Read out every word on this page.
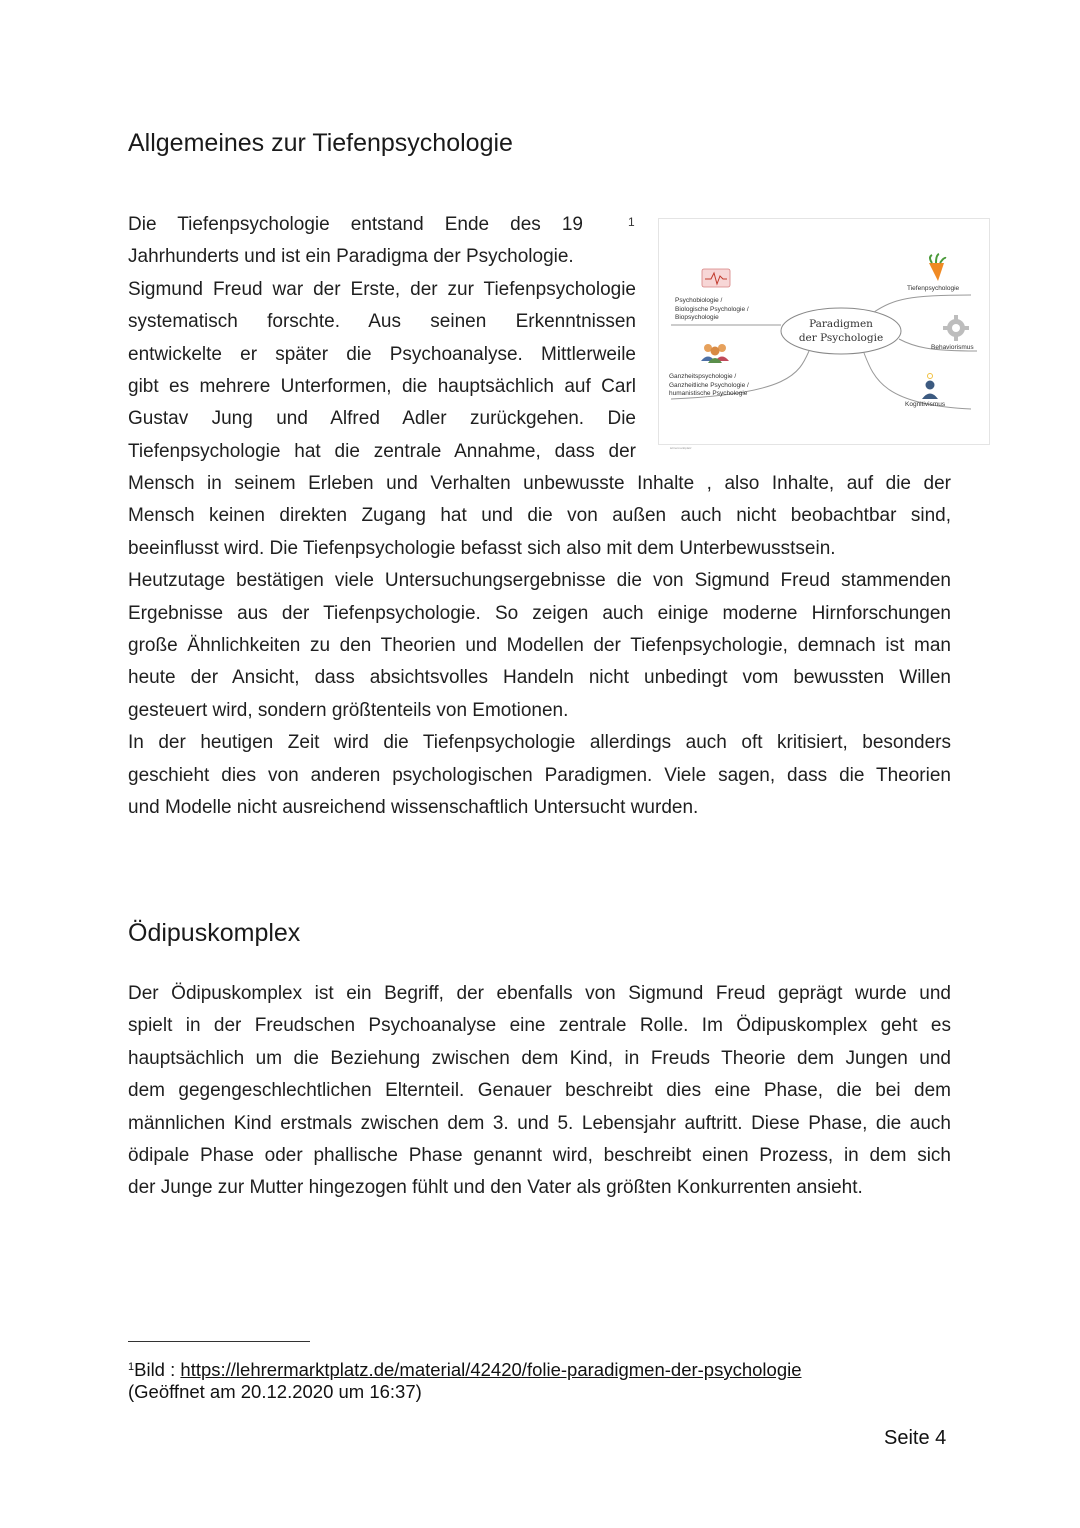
Allgemeines zur Tiefenpsychologie
1
Die Tiefenpsychologie entstand Ende des 19
Jahrhunderts und ist ein Paradigma der Psychologie.
Sigmund Freud war der Erste, der zur Tiefenpsychologie
systematisch forschte. Aus seinen Erkenntnissen
entwickelte er später die Psychoanalyse. Mittlerweile
gibt es mehrere Unterformen, die hauptsächlich auf Carl
Gustav Jung und Alfred Adler zurückgehen. Die
Tiefenpsychologie hat die zentrale Annahme, dass der
Psychobiologie /
Biologische Psychologie /
Biopsychologie
Ganzheitspsychologie /
Ganzheitliche Psychologie /
humanistische Psychologie
Tiefenpsychologie
Behaviorismus
Kognitivismus
Paradigmen
der Psychologie
lehrermarktplatz
Mensch in seinem Erleben und Verhalten unbewusste Inhalte , also Inhalte, auf die der
Mensch keinen direkten Zugang hat und die von außen auch nicht beobachtbar sind,
beeinflusst wird. Die Tiefenpsychologie befasst sich also mit dem Unterbewusstsein.
Heutzutage bestätigen viele Untersuchungsergebnisse die von Sigmund Freud stammenden
Ergebnisse aus der Tiefenpsychologie. So zeigen auch einige moderne Hirnforschungen
große Ähnlichkeiten zu den Theorien und Modellen der Tiefenpsychologie, demnach ist man
heute der Ansicht, dass absichtsvolles Handeln nicht unbedingt vom bewussten Willen
gesteuert wird, sondern größtenteils von Emotionen.
In der heutigen Zeit wird die Tiefenpsychologie allerdings auch oft kritisiert, besonders
geschieht dies von anderen psychologischen Paradigmen. Viele sagen, dass die Theorien
und Modelle nicht ausreichend wissenschaftlich Untersucht wurden.
Ödipuskomplex
Der Ödipuskomplex ist ein Begriff, der ebenfalls von Sigmund Freud geprägt wurde und
spielt in der Freudschen Psychoanalyse eine zentrale Rolle. Im Ödipuskomplex geht es
hauptsächlich um die Beziehung zwischen dem Kind, in Freuds Theorie dem Jungen und
dem gegengeschlechtlichen Elternteil. Genauer beschreibt dies eine Phase, die bei dem
männlichen Kind erstmals zwischen dem 3. und 5. Lebensjahr auftritt. Diese Phase, die auch
ödipale Phase oder phallische Phase genannt wird, beschreibt einen Prozess, in dem sich
der Junge zur Mutter hingezogen fühlt und den Vater als größten Konkurrenten ansieht.
$^1$Bild : https://lehrermarktplatz.de/material/42420/folie-paradigmen-der-psychologie
(Geöffnet am 20.12.2020 um 16:37)
Seite 4
